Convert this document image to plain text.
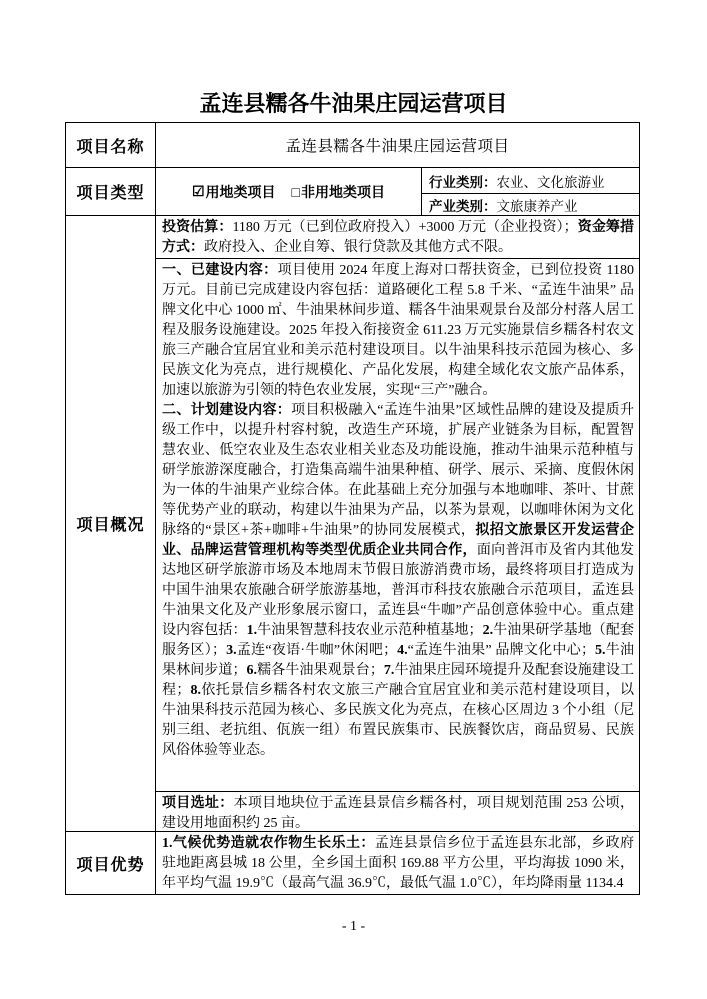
孟连县糯各牛油果庄园运营项目
项目名称	孟连县糯各牛油果庄园运营项目
项目类型	☑ 用地类项目 □ 非用地类项目
行业类别： 农业、文化旅游业
产业类别： 文旅康养产业
项目概况

投资估算：1180 万元（已到位政府投入）+3000 万元（企业投资）；资金筹措方式：政府投入、企业自筹、银行贷款及其他方式不限。

一、已建设内容：项目使用 2024 年度上海对口帮扶资金，已到位投资 1180 万元。目前已完成建设内容包括：道路硬化工程 5.8 千米、“孟连牛油果” 品牌文化中心 1000 ㎡、牛油果林间步道、糯各牛油果观景台及部分村落人居工程及服务设施建设。2025 年投入衔接资金 611.23 万元实施景信乡糯各村农文旅三产融合宜居宜业和美示范村建设项目。以牛油果科技示范园为核心、多民族文化为亮点，进行规模化、产品化发展，构建全域化农文旅产品体系，加速以旅游为引领的特色农业发展，实现“三产”融合。

二、计划建设内容：项目积极融入“孟连牛油果”区域性品牌的建设及提质升级工作中，以提升村容村貌，改造生产环境，扩展产业链条为目标，配置智慧农业、低空农业及生态农业相关业态及功能设施，推动牛油果示范种植与研学旅游深度融合，打造集高端牛油果种植、研学、展示、采摘、度假休闲为一体的牛油果产业综合体。在此基础上充分加强与本地咖啡、茶叶、甘蔗等优势产业的联动，构建以牛油果为产品，以茶为景观，以咖啡休闲为文化脉络的“景区+茶+咖啡+牛油果”的协同发展模式，拟招文旅景区开发运营企业、品牌运营管理机构等类型优质企业共同合作，面向普洱市及省内其他发达地区研学旅游市场及本地周末节假日旅游消费市场，最终将项目打造成为中国牛油果农旅融合研学旅游基地，普洱市科技农旅融合示范项目，孟连县牛油果文化及产业形象展示窗口，孟连县“牛咖”产品创意体验中心。重点建设内容包括：1.牛油果智慧科技农业示范种植基地；2.牛油果研学基地（配套服务区）；3.孟连“夜语·牛咖”休闲吧；4.“孟连牛油果” 品牌文化中心；5.牛油果林间步道；6.糯各牛油果观景台；7.牛油果庄园环境提升及配套设施建设工程；8.依托景信乡糯各村农文旅三产融合宜居宜业和美示范村建设项目，以牛油果科技示范园为核心、多民族文化为亮点，在核心区周边 3 个小组（尼别三组、老抗组、佤族一组）布置民族集市、民族餐饮店，商品贸易、民族风俗体验等业态。

项目选址：本项目地块位于孟连县景信乡糯各村，项目规划范围 253 公顷，建设用地面积约 25 亩。

项目优势

1.气候优势造就农作物生长乐土：孟连县景信乡位于孟连县东北部，乡政府驻地距离县城 18 公里，全乡国土面积 169.88 平方公里，平均海拔 1090 米，年平均气温 19.9℃（最高气温 36.9℃，最低气温 1.0℃），年均降雨量 1134.4

- 1 -
